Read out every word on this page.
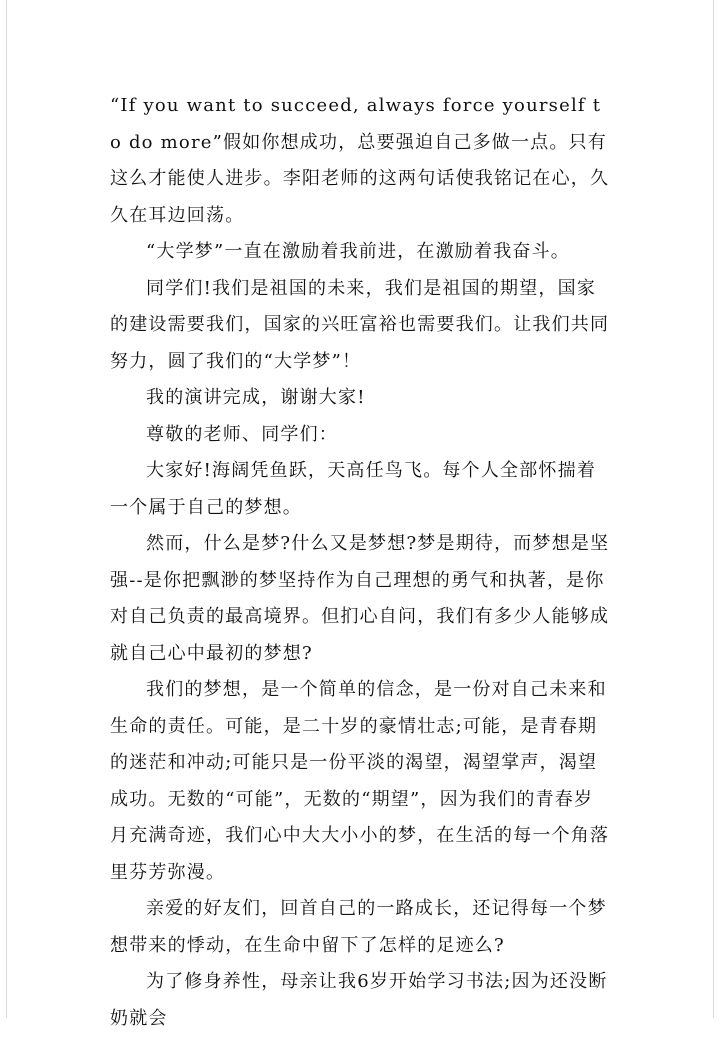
“If you want to succeed, always force yourself to do more”假如你想成功，总要强迫自己多做一点。只有这么才能使人进步。李阳老师的这两句话使我铭记在心，久久在耳边回荡。

“大学梦”一直在激励着我前进，在激励着我奋斗。

同学们!我们是祖国的未来，我们是祖国的期望，国家的建设需要我们，国家的兴旺富裕也需要我们。让我们共同努力，圆了我们的“大学梦”！

我的演讲完成，谢谢大家!

尊敬的老师、同学们：

大家好!海阔凭鱼跃，天高任鸟飞。每个人全部怀揣着一个属于自己的梦想。

然而，什么是梦?什么又是梦想?梦是期待，而梦想是坚强--是你把飘渺的梦坚持作为自己理想的勇气和执著，是你对自己负责的最高境界。但扪心自问，我们有多少人能够成就自己心中最初的梦想?

我们的梦想，是一个简单的信念，是一份对自己未来和生命的责任。可能，是二十岁的豪情壮志;可能，是青春期的迷茫和冲动;可能只是一份平淡的渴望，渴望掌声，渴望成功。无数的“可能”，无数的“期望”，因为我们的青春岁月充满奇迹，我们心中大大小小的梦，在生活的每一个角落里芬芳弥漫。

亲爱的好友们，回首自己的一路成长，还记得每一个梦想带来的悸动，在生命中留下了怎样的足迹么?

为了修身养性，母亲让我6岁开始学习书法;因为还没断奶就会
